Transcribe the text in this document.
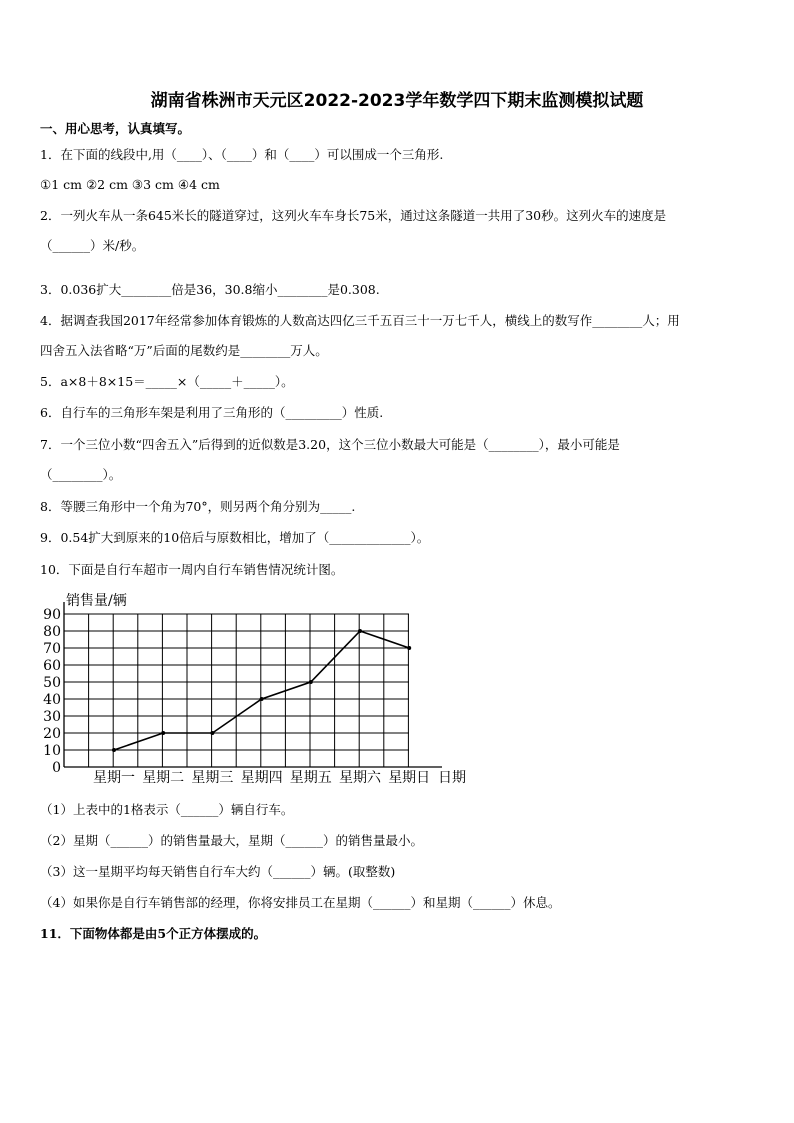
湖南省株洲市天元区2022-2023学年数学四下期末监测模拟试题
一、用心思考，认真填写。
1．在下面的线段中,用（____）、（____）和（____）可以围成一个三角形.
①1 cm ②2 cm ③3 cm ④4 cm
2．一列火车从一条645米长的隧道穿过，这列火车车身长75米，通过这条隧道一共用了30秒。这列火车的速度是
（______）米/秒。
3．0.036扩大________倍是36，30.8缩小________是0.308.
4．据调查我国2017年经常参加体育锻炼的人数高达四亿三千五百三十一万七千人，横线上的数写作________人；用
四舍五入法省略“万”后面的尾数约是________万人。
5．a×8＋8×15＝_____×（_____＋_____）。
6．自行车的三角形车架是利用了三角形的（_________）性质.
7．一个三位小数“四舍五入”后得到的近似数是3.20，这个三位小数最大可能是（________），最小可能是
（________）。
8．等腰三角形中一个角为70°，则另两个角分别为_____.
9．0.54扩大到原来的10倍后与原数相比，增加了（_____________）。
10．下面是自行车超市一周内自行车销售情况统计图。
0
10
20
30
40
50
60
70
80
90
销售量/辆
日期
星期一 星期二 星期三 星期四 星期五 星期六 星期日
（1）上表中的1格表示（______）辆自行车。
（2）星期（______）的销售量最大，星期（______）的销售量最小。
（3）这一星期平均每天销售自行车大约（______）辆。(取整数)
（4）如果你是自行车销售部的经理，你将安排员工在星期（______）和星期（______）休息。
11．下面物体都是由5个正方体摆成的。
